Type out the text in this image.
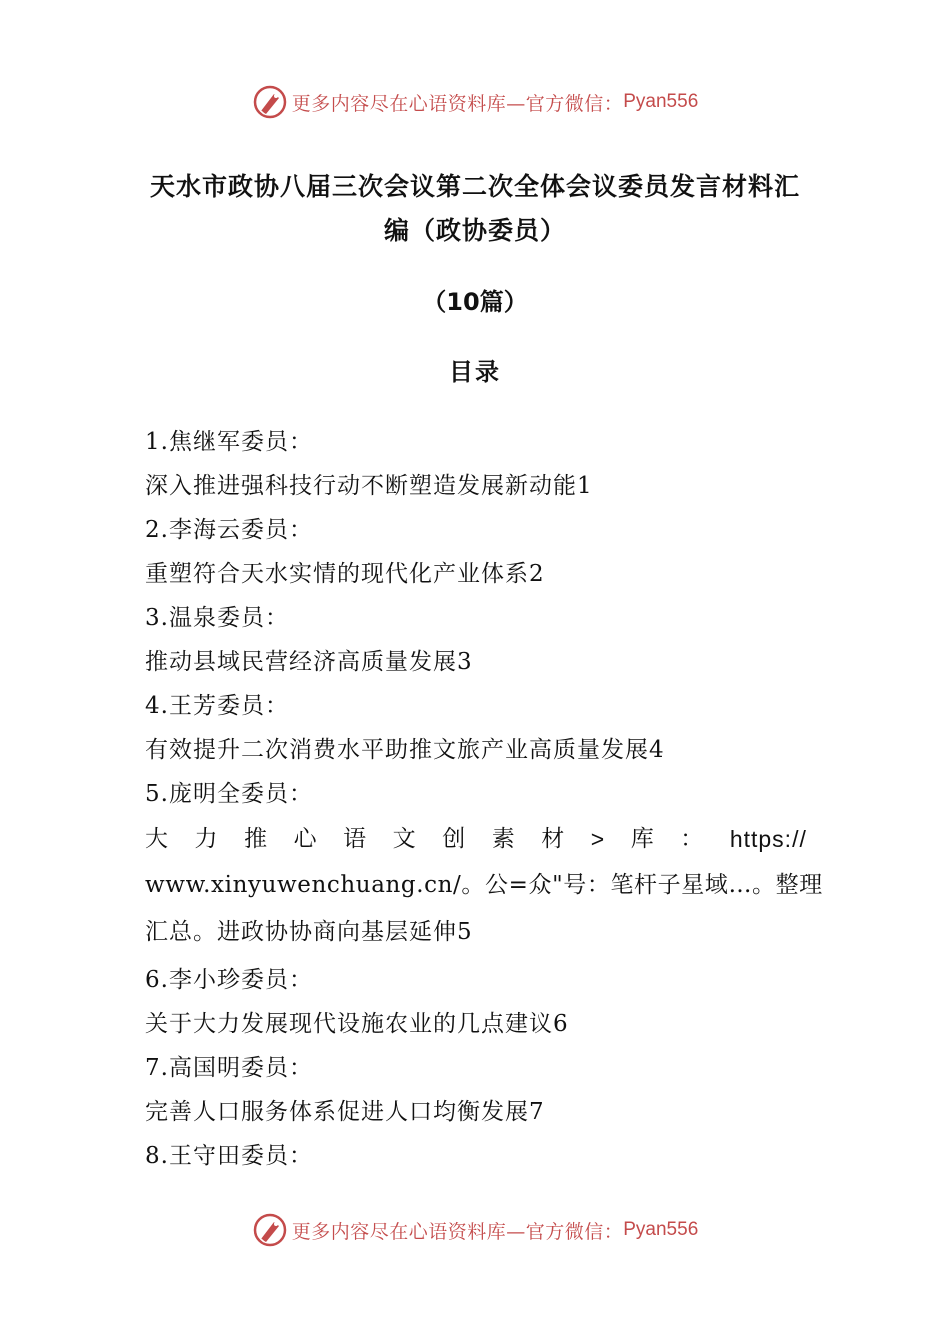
更多内容尽在心语资料库—官方微信： Pyan556
天水市政协八届三次会议第二次全体会议委员发言材料汇
编（政协委员）
（10篇）
目录
1.焦继军委员：
深入推进强科技行动不断塑造发展新动能1
2.李海云委员：
重塑符合天水实情的现代化产业体系2
3.温泉委员：
推动县域民营经济高质量发展3
4.王芳委员：
有效提升二次消费水平助推文旅产业高质量发展4
5.庞明全委员：
大 力 推 心 语 文 创 素 材 > 库 ： https://
www.xinyuwenchuang.cn/。公=众"号：笔杆子星域…。整理
汇总。进政协协商向基层延伸5
6.李小珍委员：
关于大力发展现代设施农业的几点建议6
7.高国明委员：
完善人口服务体系促进人口均衡发展7
8.王守田委员：
更多内容尽在心语资料库—官方微信： Pyan556
